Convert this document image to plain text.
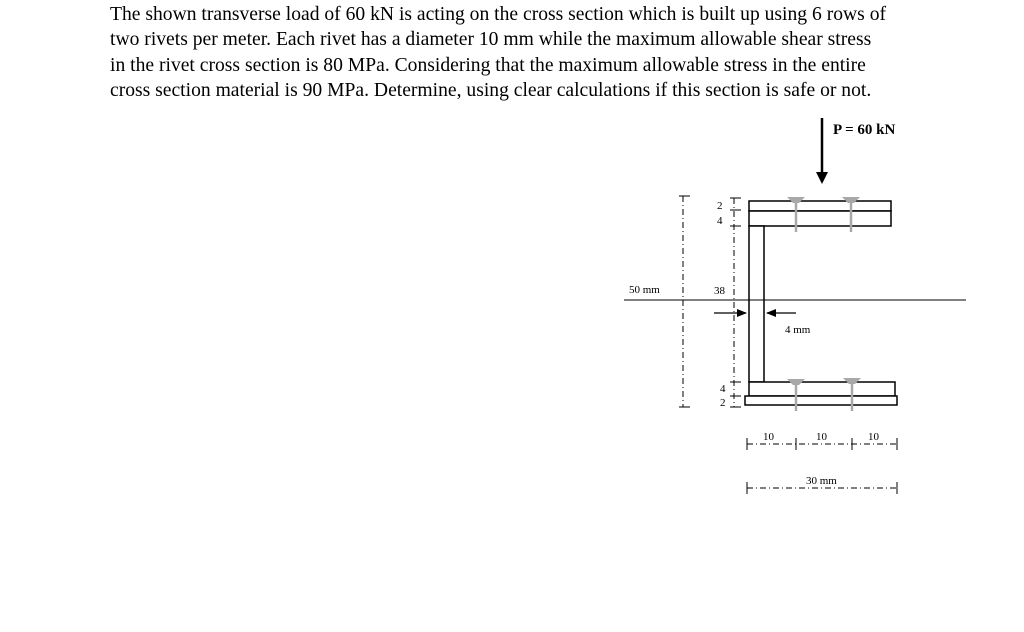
The shown transverse load of 60 kN is acting on the cross section which is built up using 6 rows of
two rivets per meter. Each rivet has a diameter 10 mm while the maximum allowable shear stress
in the rivet cross section is 80 MPa. Considering that the maximum allowable stress in the entire
cross section material is 90 MPa. Determine, using clear calculations if this section is safe or not.
P = 60 kN
50 mm
2
4
38
4
2
4 mm
10	10	10
30 mm
